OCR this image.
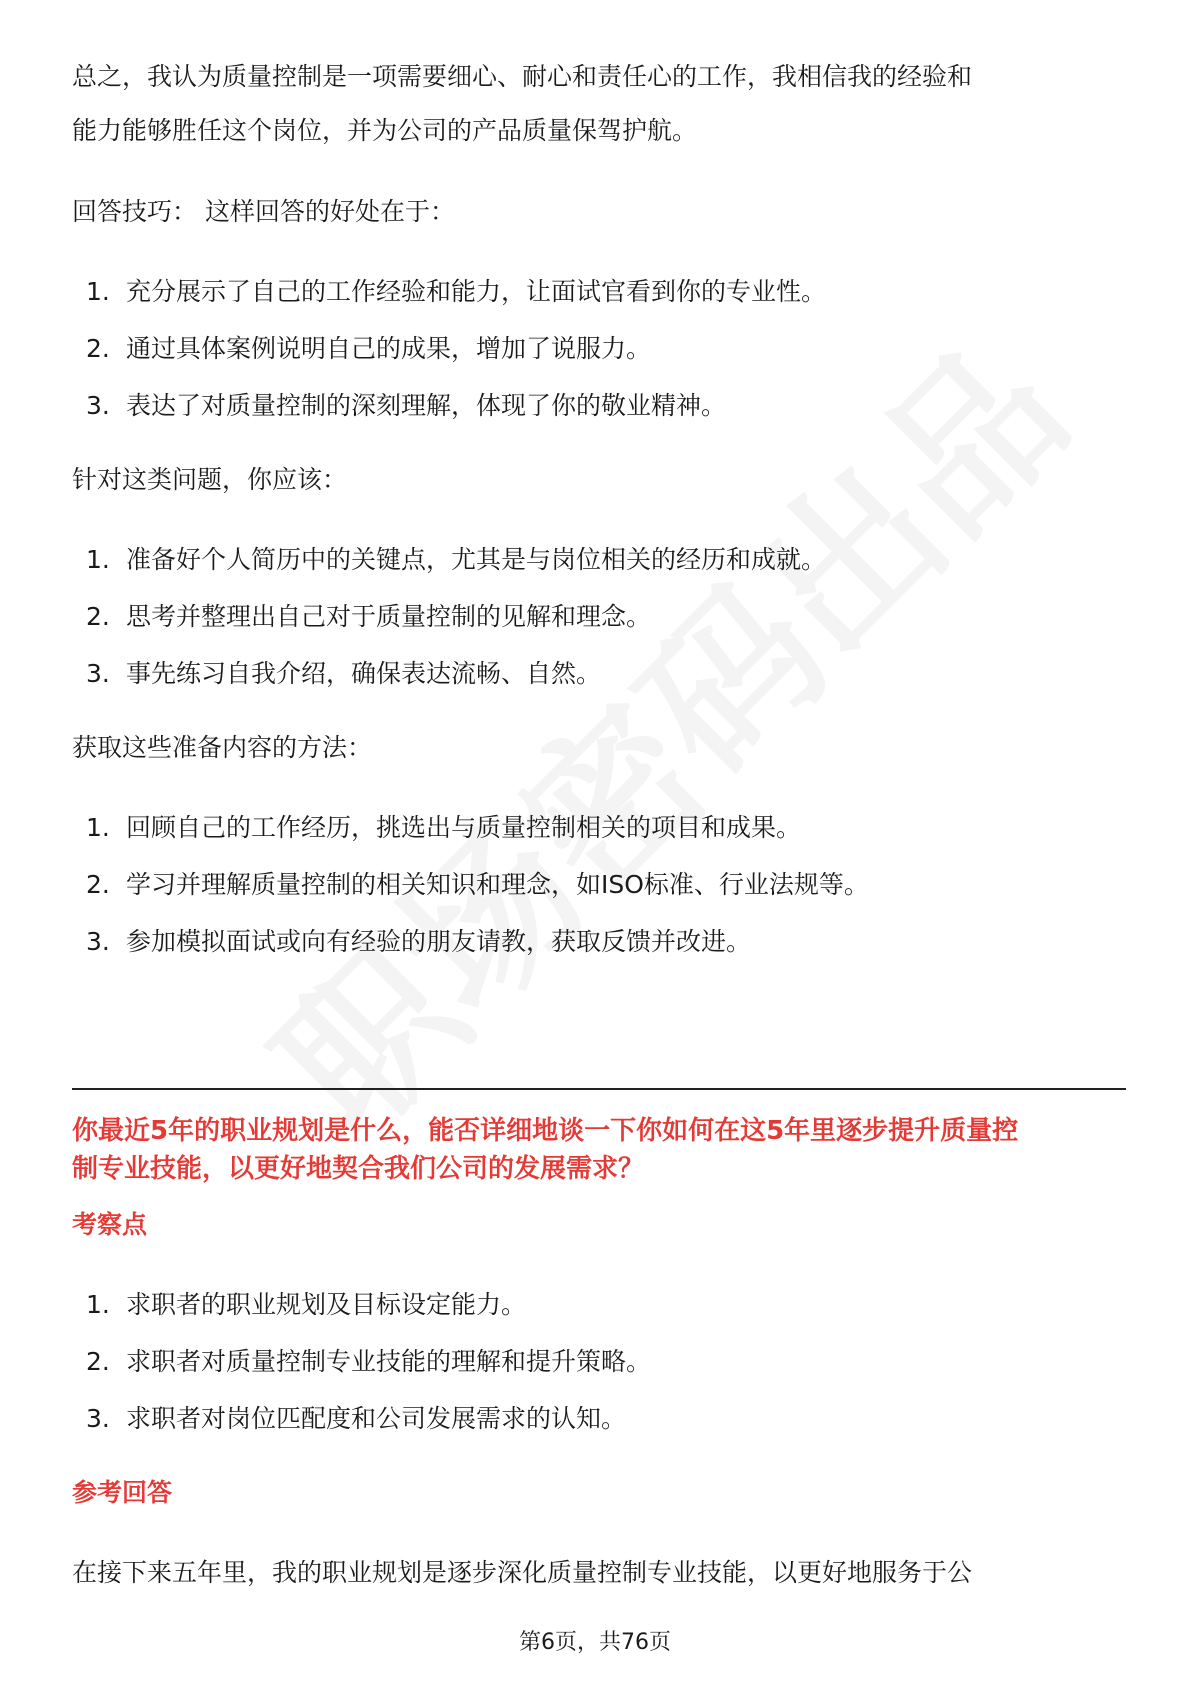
总之，我认为质量控制是一项需要细心、耐心和责任心的工作，我相信我的经验和
能力能够胜任这个岗位，并为公司的产品质量保驾护航。

回答技巧： 这样回答的好处在于：

1. 充分展示了自己的工作经验和能力，让面试官看到你的专业性。
2. 通过具体案例说明自己的成果，增加了说服力。
3. 表达了对质量控制的深刻理解，体现了你的敬业精神。

针对这类问题，你应该：

1. 准备好个人简历中的关键点，尤其是与岗位相关的经历和成就。
2. 思考并整理出自己对于质量控制的见解和理念。
3. 事先练习自我介绍，确保表达流畅、自然。

获取这些准备内容的方法：

1. 回顾自己的工作经历，挑选出与质量控制相关的项目和成果。
2. 学习并理解质量控制的相关知识和理念，如ISO标准、行业法规等。
3. 参加模拟面试或向有经验的朋友请教，获取反馈并改进。

你最近5年的职业规划是什么，能否详细地谈一下你如何在这5年里逐步提升质量控
制专业技能，以更好地契合我们公司的发展需求？

考察点

1. 求职者的职业规划及目标设定能力。
2. 求职者对质量控制专业技能的理解和提升策略。
3. 求职者对岗位匹配度和公司发展需求的认知。

参考回答

在接下来五年里，我的职业规划是逐步深化质量控制专业技能，以更好地服务于公

第6页，共76页
